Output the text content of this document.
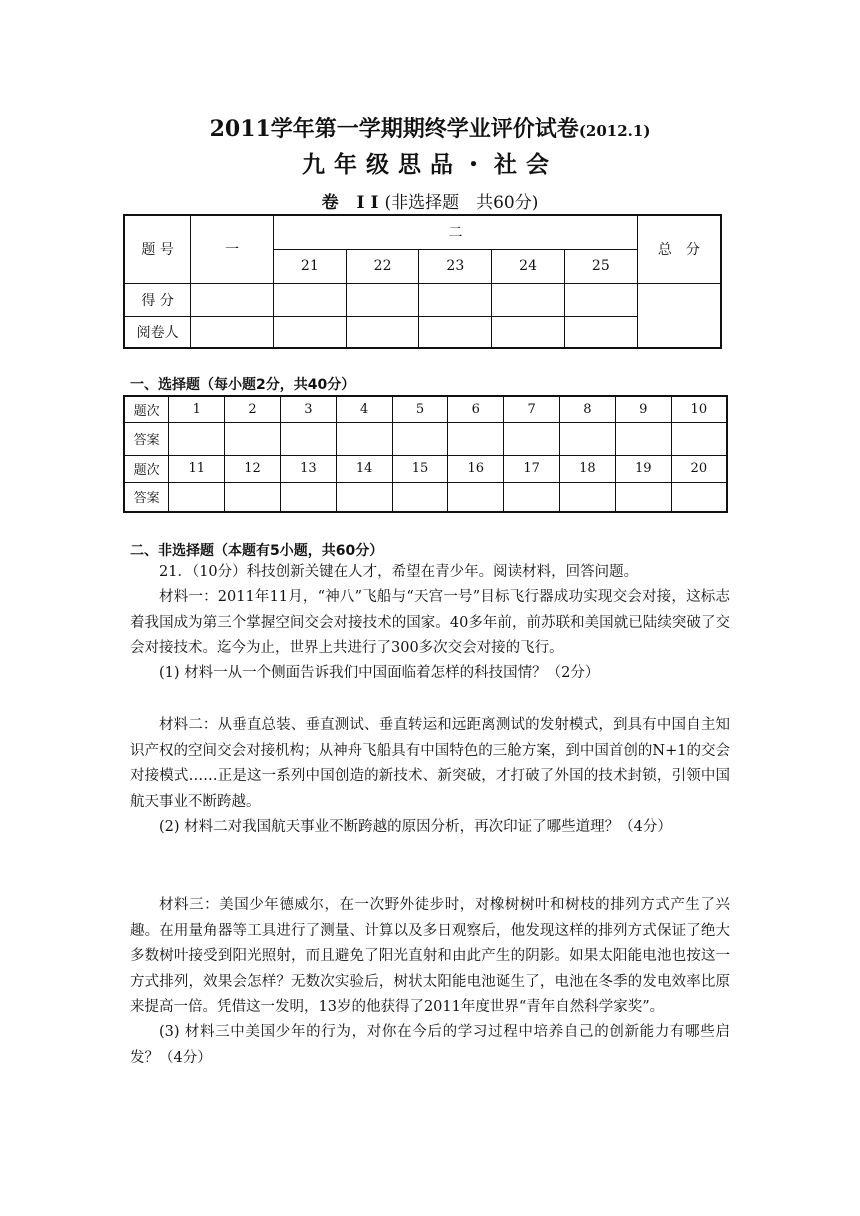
2011学年第一学期期终学业评价试卷(2012.1)
九年级思品・社会
卷 II(非选择题　共60分)
题 号	一	二					总　分
		21	22	23	24	25	
得 分							
阅卷人							
一、选择题（每小题2分，共40分）
题次	1	2	3	4	5	6	7	8	9	10
答案										
题次	11	12	13	14	15	16	17	18	19	20
答案										
二、非选择题（本题有5小题，共60分）
21．（10分）科技创新关键在人才，希望在青少年。阅读材料，回答问题。
材料一：2011年11月，“神八”飞船与“天宫一号”目标飞行器成功实现交会对接，这标志着我国成为第三个掌握空间交会对接技术的国家。40多年前，前苏联和美国就已陆续突破了交会对接技术。迄今为止，世界上共进行了300多次交会对接的飞行。
(1) 材料一从一个侧面告诉我们中国面临着怎样的科技国情？（2分）
材料二：从垂直总装、垂直测试、垂直转运和远距离测试的发射模式，到具有中国自主知识产权的空间交会对接机构；从神舟飞船具有中国特色的三舱方案，到中国首创的N+1的交会对接模式……正是这一系列中国创造的新技术、新突破，才打破了外国的技术封锁，引领中国航天事业不断跨越。
(2) 材料二对我国航天事业不断跨越的原因分析，再次印证了哪些道理？（4分）
材料三：美国少年德威尔，在一次野外徒步时，对橡树树叶和树枝的排列方式产生了兴趣。在用量角器等工具进行了测量、计算以及多日观察后，他发现这样的排列方式保证了绝大多数树叶接受到阳光照射，而且避免了阳光直射和由此产生的阴影。如果太阳能电池也按这一方式排列，效果会怎样？无数次实验后，树状太阳能电池诞生了，电池在冬季的发电效率比原来提高一倍。凭借这一发明，13岁的他获得了2011年度世界“青年自然科学家奖”。
(3) 材料三中美国少年的行为，对你在今后的学习过程中培养自己的创新能力有哪些启发？（4分）
